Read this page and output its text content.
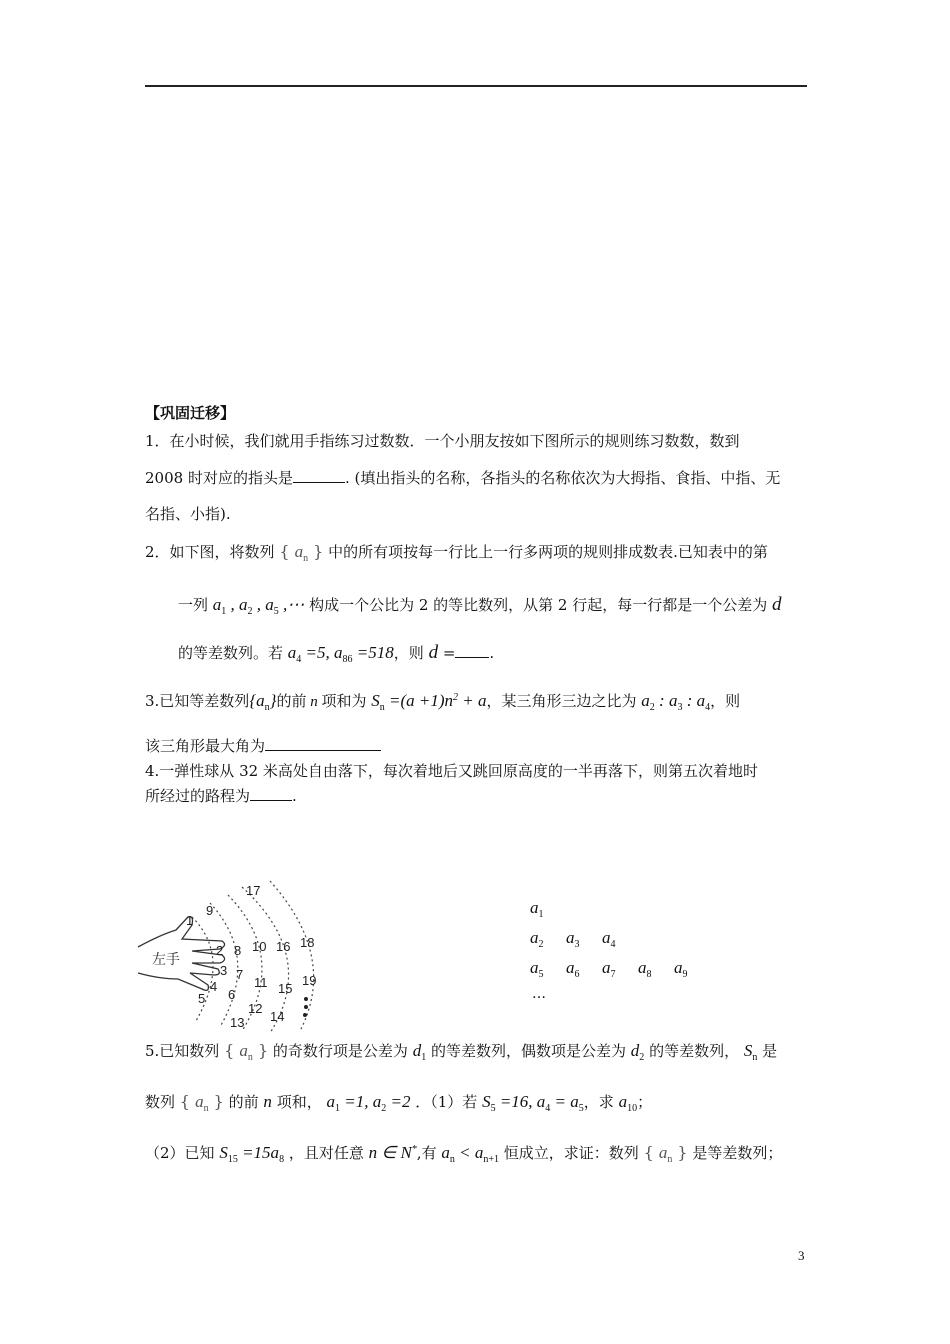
【巩固迁移】
1．在小时候，我们就用手指练习过数数．一个小朋友按如下图所示的规则练习数数，数到
2008 时对应的指头是	. (填出指头的名称，各指头的名称依次为大拇指、食指、中指、无
名指、小指).
2．如下图，将数列 { $a_n$ } 中的所有项按每一行比上一行多两项的规则排成数表.已知表中的第
一列 $a_1$ , $a_2$ , $a_5$ ,⋯ 构成一个公比为 2 的等比数列，从第 2 行起，每一行都是一个公差为 d
的等差数列。若 $a_4 =5$, $a_{86} =518$，则 d = .
3.已知等差数列$\{a_n\}$的前 n 项和为 $S_n =(a +1)n^2 + a$，某三角形三边之比为 $a_2$ : $a_3$ : $a_4$，则
该三角形最大角为
4.一弹性球从 32 米高处自由落下，每次着地后又跳回原高度的一半再落下，则第五次着地时
所经过的路程为	.
左手
1
2
3
4
5 6
7
8
9
10
11
12
13 14
15
16
17
18
19
$a_1$
$a_2$ $a_3$ $a_4$
$a_5$ $a_6$ $a_7$ $a_8$ $a_9$
…
5.已知数列 { $a_n$ } 的奇数行项是公差为 $d_1$ 的等差数列，偶数项是公差为 $d_2$ 的等差数列， $S_n$ 是
数列 { $a_n$ } 的前 n 项和， $a_1 =1$, $a_2 =2$ ．（1）若 $S_5 =16$, $a_4 = a_5$，求 $a_{10}$；
（2）已知 $S_{15} =15a_8$ ，且对任意 n ∈ N*,有 $a_n < a_{n+1}$ 恒成立，求证：数列 { $a_n$ } 是等差数列；
3
